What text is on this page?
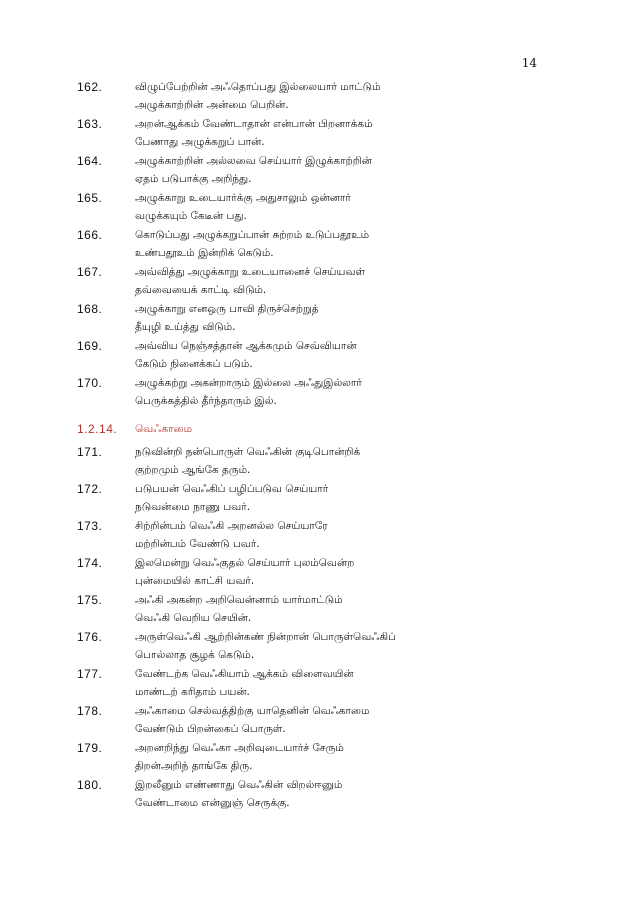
14
162.	விழுப்பேற்றின் அஃதொப்பது இல்லையார் மாட்டும்
அழுக்காற்றின் அன்மை பெறின்.
163.	அறன்ஆக்கம் வேண்டாதான் என்பான் பிறனாக்கம்
பேணாது அழுக்கறுப் பான்.
164.	அழுக்காற்றின் அல்லவை செய்யார் இழுக்காற்றின்
ஏதம் படுபாக்கு அறிந்து.
165.	அழுக்காறு உடையார்க்கு அதுசாலும் ஒன்னார்
வழுக்கயும் கேடீன் பது.
166.	கொடுப்பது அழுக்கறுப்பான் சுற்றம் உடுப்பதூஉம்
உண்பதூஉம் இன்றிக் கெடும்.
167.	அவ்வித்து அழுக்காறு உடையானைச் செய்யவள்
தவ்வையைக் காட்டி விடும்.
168.	அழுக்காறு எனஒரு பாவி திருச்செற்றுத்
தீயுழி உய்த்து விடும்.
169.	அவ்விய நெஞ்சத்தான் ஆக்கமும் செவ்வியான்
கேடும் நினைக்கப் படும்.
170.	அழுக்கற்று அகன்றாரும் இல்லை அஃதுஇல்லார்
பெருக்கத்தில் தீர்ந்தாரும் இல்.
1.2.14. வெஃகாமை
171.	நடுவின்றி நன்பொருள் வெஃகின் குடிபொன்றிக்
குற்றமும் ஆங்கே தரும்.
172.	படுபயன் வெஃகிப் பழிப்படுவ செய்யார்
நடுவன்மை நாணு பவர்.
173.	சிற்றின்பம் வெஃகி அறனல்ல செய்யாரே
மற்றின்பம் வேண்டு பவர்.
174.	இலமென்று வெஃகுதல் செய்யார் புலம்வென்ற
புன்மையில் காட்சி யவர்.
175.	அஃகி அகன்ற அறிவென்னாம் யார்மாட்டும்
வெஃகி வெறிய செயின்.
176.	அருள்வெஃகி ஆற்றின்கண் நின்றான் பொருள்வெஃகிப்
பொல்லாத சூழக் கெடும்.
177.	வேண்டற்க வெஃகியாம் ஆக்கம் விளைவயின்
மாண்டற் கரிதாம் பயன்.
178.	அஃகாமை செல்வத்திற்கு யாதெனின் வெஃகாமை
வேண்டும் பிறன்கைப் பொருள்.
179.	அறனறிந்து வெஃகா அறிவுடையார்ச் சேரும்
திறன்அறிந் தாங்கே திரு.
180.	இறலீனும் எண்ணாது வெஃகின் விறல்ஈனும்
வேண்டாமை என்னுஞ் செருக்கு.
